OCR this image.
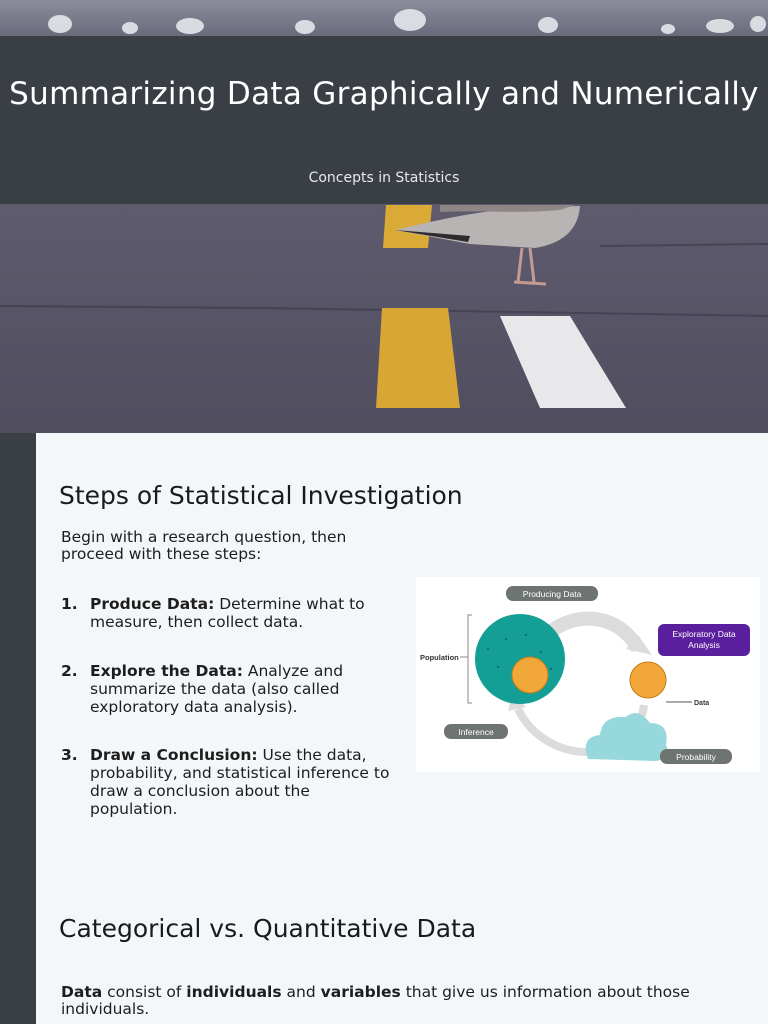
Summarizing Data Graphically and Numerically
Concepts in Statistics
Steps of Statistical Investigation
Begin with a research question, then proceed with these steps:
1. Produce Data: Determine what to measure, then collect data.
2. Explore the Data: Analyze and summarize the data (also called exploratory data analysis).
3. Draw a Conclusion: Use the data, probability, and statistical inference to draw a conclusion about the population.
Population
Data
Producing Data
Inference
Probability
Exploratory Data
Analysis
Categorical vs. Quantitative Data
Data consist of individuals and variables that give us information about those individuals.
